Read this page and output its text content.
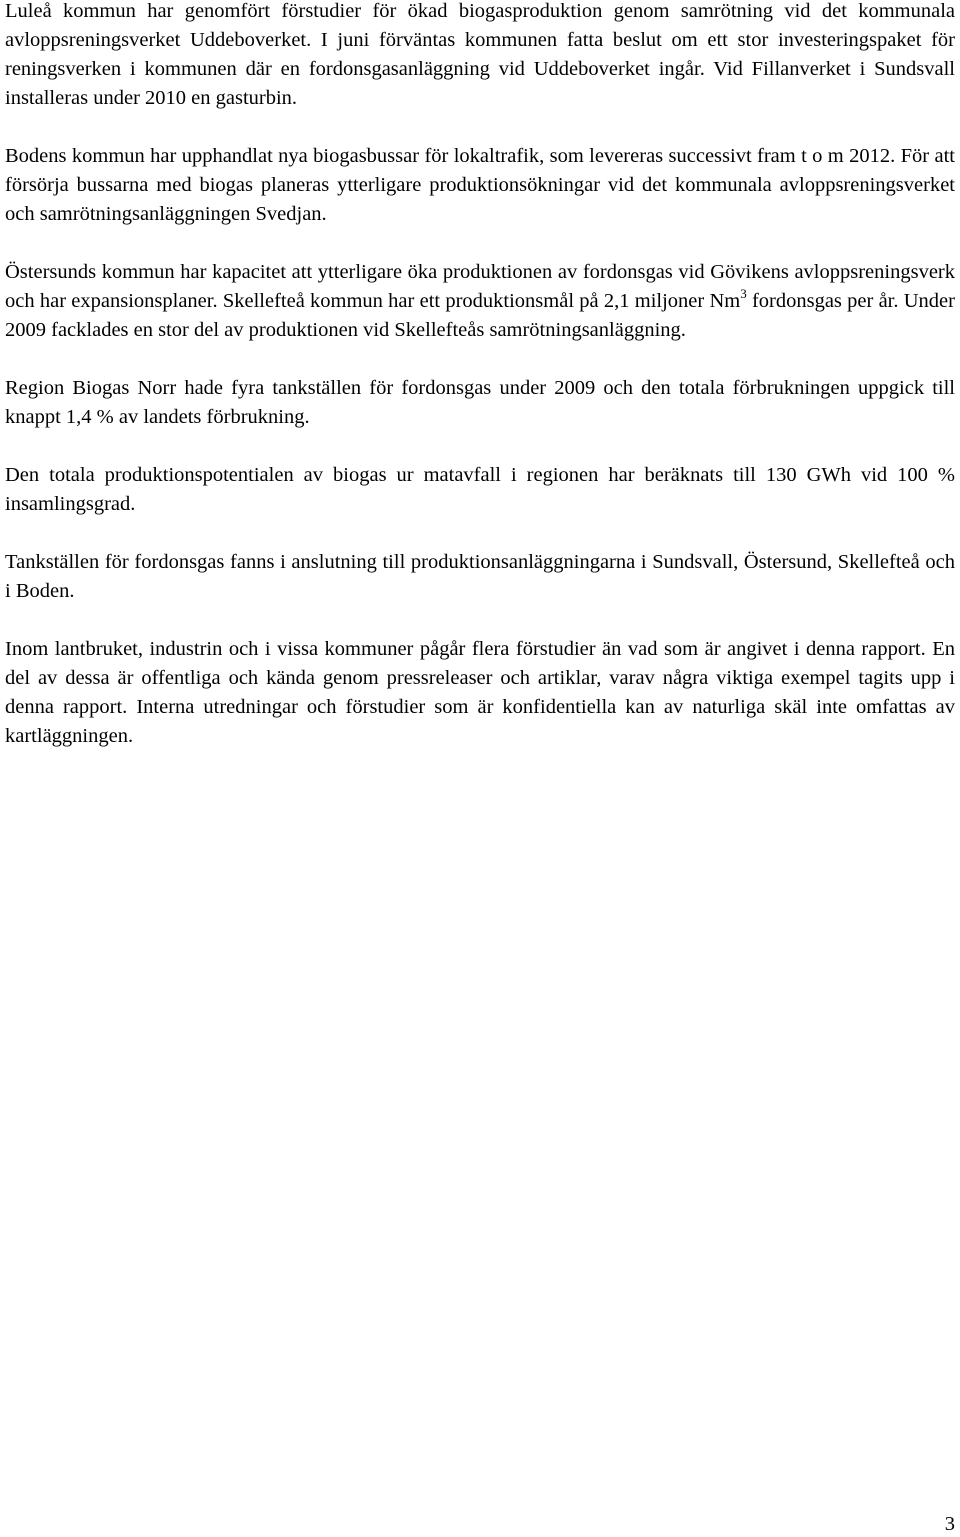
Luleå kommun har genomfört förstudier för ökad biogasproduktion genom samrötning vid det kommunala avloppsreningsverket Uddeboverket. I juni förväntas kommunen fatta beslut om ett stor investeringspaket för reningsverken i kommunen där en fordonsgasanläggning vid Uddeboverket ingår. Vid Fillanverket i Sundsvall installeras under 2010 en gasturbin.

Bodens kommun har upphandlat nya biogasbussar för lokaltrafik, som levereras successivt fram t o m 2012. För att försörja bussarna med biogas planeras ytterligare produktionsökningar vid det kommunala avloppsreningsverket och samrötningsanläggningen Svedjan.

Östersunds kommun har kapacitet att ytterligare öka produktionen av fordonsgas vid Gövikens avloppsreningsverk och har expansionsplaner. Skellefteå kommun har ett produktionsmål på 2,1 miljoner Nm$^3$ fordonsgas per år. Under 2009 facklades en stor del av produktionen vid Skellefteås samrötningsanläggning.

Region Biogas Norr hade fyra tankställen för fordonsgas under 2009 och den totala förbrukningen uppgick till knappt 1,4 % av landets förbrukning.

Den totala produktionspotentialen av biogas ur matavfall i regionen har beräknats till 130 GWh vid 100 % insamlingsgrad.

Tankställen för fordonsgas fanns i anslutning till produktionsanläggningarna i Sundsvall, Östersund, Skellefteå och i Boden.

Inom lantbruket, industrin och i vissa kommuner pågår flera förstudier än vad som är angivet i denna rapport. En del av dessa är offentliga och kända genom pressreleaser och artiklar, varav några viktiga exempel tagits upp i denna rapport. Interna utredningar och förstudier som är konfidentiella kan av naturliga skäl inte omfattas av kartläggningen.

3
